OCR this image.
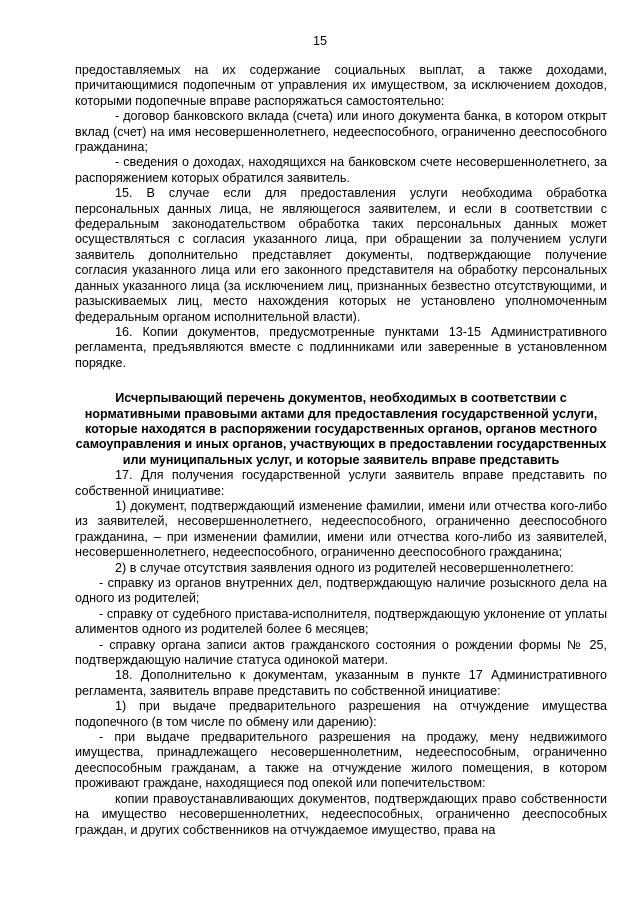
15

предоставляемых на их содержание социальных выплат, а также доходами, причитающимися подопечным от управления их имуществом, за исключением доходов, которыми подопечные вправе распоряжаться самостоятельно:

- договор банковского вклада (счета) или иного документа банка, в котором открыт вклад (счет) на имя несовершеннолетнего, недееспособного, ограниченно дееспособного гражданина;

- сведения о доходах, находящихся на банковском счете несовершеннолетнего, за распоряжением которых обратился заявитель.

15. В случае если для предоставления услуги необходима обработка персональных данных лица, не являющегося заявителем, и если в соответствии с федеральным законодательством обработка таких персональных данных может осуществляться с согласия указанного лица, при обращении за получением услуги заявитель дополнительно представляет документы, подтверждающие получение согласия указанного лица или его законного представителя на обработку персональных данных указанного лица (за исключением лиц, признанных безвестно отсутствующими, и разыскиваемых лиц, место нахождения которых не установлено уполномоченным федеральным органом исполнительной власти).

16. Копии документов, предусмотренные пунктами 13-15 Административного регламента, предъявляются вместе с подлинниками или заверенные в установленном порядке.

Исчерпывающий перечень документов, необходимых в соответствии с нормативными правовыми актами для предоставления государственной услуги, которые находятся в распоряжении государственных органов, органов местного самоуправления и иных органов, участвующих в предоставлении государственных или муниципальных услуг, и которые заявитель вправе представить

17. Для получения государственной услуги заявитель вправе представить по собственной инициативе:

1) документ, подтверждающий изменение фамилии, имени или отчества кого-либо из заявителей, несовершеннолетнего, недееспособного, ограниченно дееспособного гражданина, – при изменении фамилии, имени или отчества кого-либо из заявителей, несовершеннолетнего, недееспособного, ограниченно дееспособного гражданина;

2) в случае отсутствия заявления одного из родителей несовершеннолетнего:

- справку из органов внутренних дел, подтверждающую наличие розыскного дела на одного из родителей;

- справку от судебного пристава-исполнителя, подтверждающую уклонение от уплаты алиментов одного из родителей более 6 месяцев;

- справку органа записи актов гражданского состояния о рождении формы № 25, подтверждающую наличие статуса одинокой матери.

18. Дополнительно к документам, указанным в пункте 17 Административного регламента, заявитель вправе представить по собственной инициативе:

1) при выдаче предварительного разрешения на отчуждение имущества подопечного (в том числе по обмену или дарению):

- при выдаче предварительного разрешения на продажу, мену недвижимого имущества, принадлежащего несовершеннолетним, недееспособным, ограниченно дееспособным гражданам, а также на отчуждение жилого помещения, в котором проживают граждане, находящиеся под опекой или попечительством:

копии правоустанавливающих документов, подтверждающих право собственности на имущество несовершеннолетних, недееспособных, ограниченно дееспособных граждан, и других собственников на отчуждаемое имущество, права на
